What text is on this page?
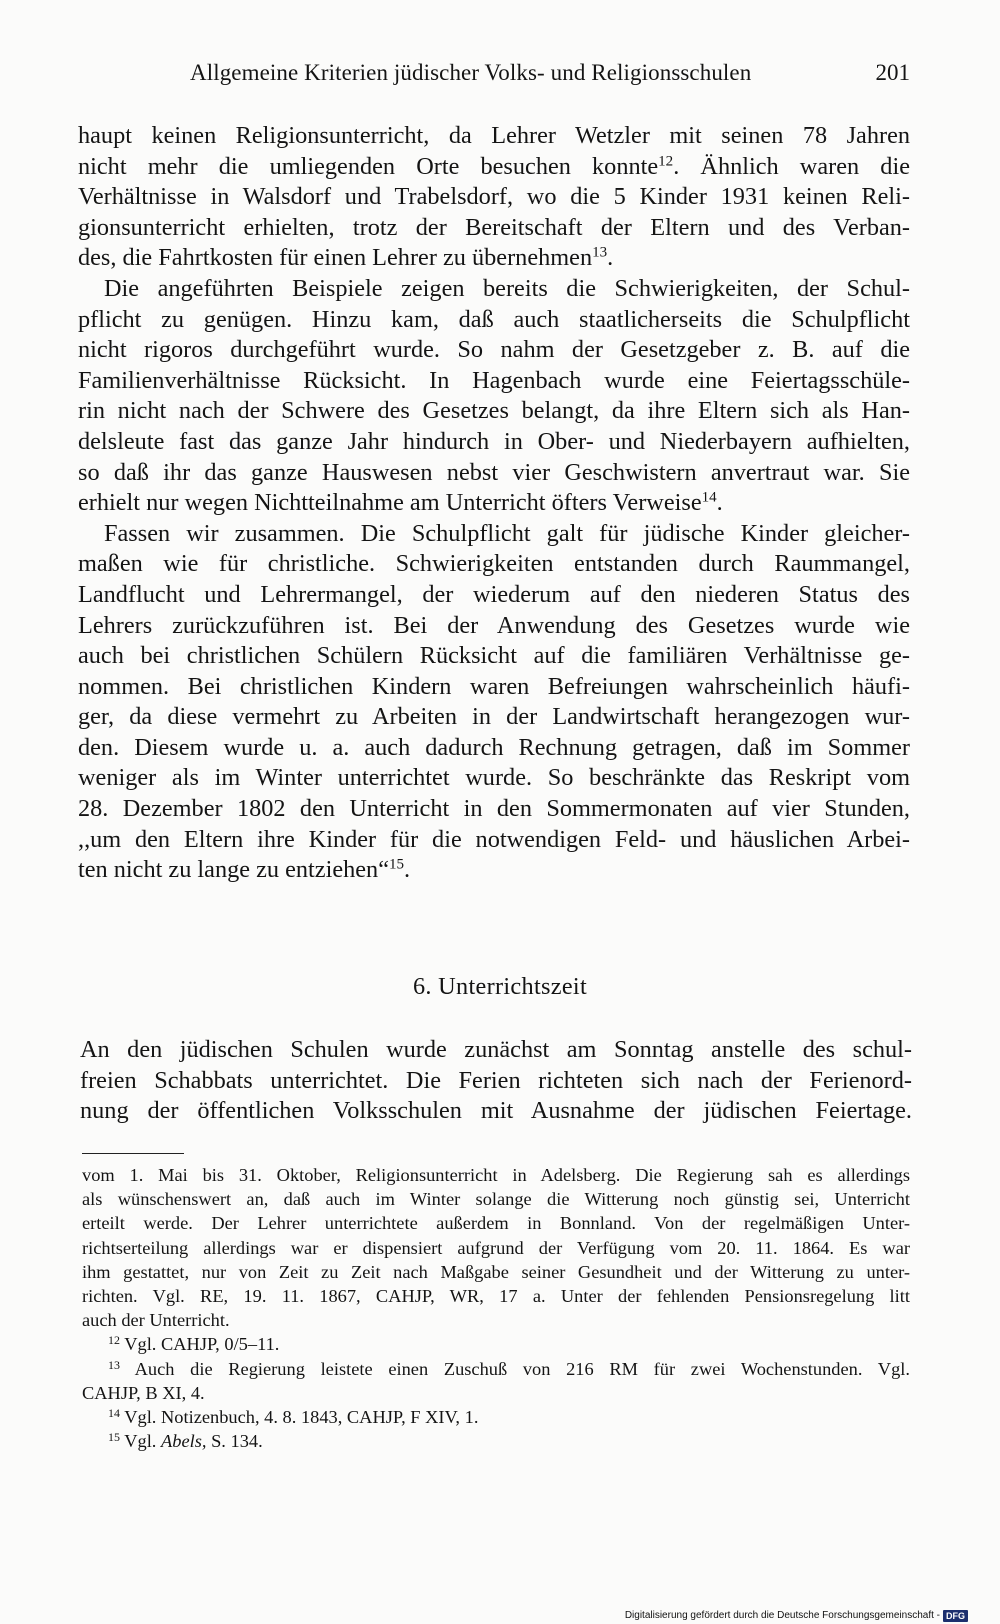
Allgemeine Kriterien jüdischer Volks- und Religionsschulen	201
haupt keinen Religionsunterricht, da Lehrer Wetzler mit seinen 78 Jahren
nicht mehr die umliegenden Orte besuchen konnte$^{12}$. Ähnlich waren die
Verhältnisse in Walsdorf und Trabelsdorf, wo die 5 Kinder 1931 keinen Reli-
gionsunterricht erhielten, trotz der Bereitschaft der Eltern und des Verban-
des, die Fahrtkosten für einen Lehrer zu übernehmen$^{13}$.
Die angeführten Beispiele zeigen bereits die Schwierigkeiten, der Schul-
pflicht zu genügen. Hinzu kam, daß auch staatlicherseits die Schulpflicht
nicht rigoros durchgeführt wurde. So nahm der Gesetzgeber z. B. auf die
Familienverhältnisse Rücksicht. In Hagenbach wurde eine Feiertagsschüle-
rin nicht nach der Schwere des Gesetzes belangt, da ihre Eltern sich als Han-
delsleute fast das ganze Jahr hindurch in Ober- und Niederbayern aufhielten,
so daß ihr das ganze Hauswesen nebst vier Geschwistern anvertraut war. Sie
erhielt nur wegen Nichtteilnahme am Unterricht öfters Verweise$^{14}$.
Fassen wir zusammen. Die Schulpflicht galt für jüdische Kinder gleicher-
maßen wie für christliche. Schwierigkeiten entstanden durch Raummangel,
Landflucht und Lehrermangel, der wiederum auf den niederen Status des
Lehrers zurückzuführen ist. Bei der Anwendung des Gesetzes wurde wie
auch bei christlichen Schülern Rücksicht auf die familiären Verhältnisse ge-
nommen. Bei christlichen Kindern waren Befreiungen wahrscheinlich häufi-
ger, da diese vermehrt zu Arbeiten in der Landwirtschaft herangezogen wur-
den. Diesem wurde u. a. auch dadurch Rechnung getragen, daß im Sommer
weniger als im Winter unterrichtet wurde. So beschränkte das Reskript vom
28. Dezember 1802 den Unterricht in den Sommermonaten auf vier Stunden,
,,um den Eltern ihre Kinder für die notwendigen Feld- und häuslichen Arbei-
ten nicht zu lange zu entziehen“$^{15}$.
6. Unterrichtszeit
An den jüdischen Schulen wurde zunächst am Sonntag anstelle des schul-
freien Schabbats unterrichtet. Die Ferien richteten sich nach der Ferienord-
nung der öffentlichen Volksschulen mit Ausnahme der jüdischen Feiertage.
vom 1. Mai bis 31. Oktober, Religionsunterricht in Adelsberg. Die Regierung sah es allerdings
als wünschenswert an, daß auch im Winter solange die Witterung noch günstig sei, Unterricht
erteilt werde. Der Lehrer unterrichtete außerdem in Bonnland. Von der regelmäßigen Unter-
richtserteilung allerdings war er dispensiert aufgrund der Verfügung vom 20. 11. 1864. Es war
ihm gestattet, nur von Zeit zu Zeit nach Maßgabe seiner Gesundheit und der Witterung zu unter-
richten. Vgl. RE, 19. 11. 1867, CAHJP, WR, 17 a. Unter der fehlenden Pensionsregelung litt
auch der Unterricht.
$^{12}$ Vgl. CAHJP, 0/5–11.
$^{13}$ Auch die Regierung leistete einen Zuschuß von 216 RM für zwei Wochenstunden. Vgl.
CAHJP, B XI, 4.
$^{14}$ Vgl. Notizenbuch, 4. 8. 1843, CAHJP, F XIV, 1.
$^{15}$ Vgl. Abels, S. 134.
Digitalisierung gefördert durch die Deutsche Forschungsgemeinschaft - DFG
